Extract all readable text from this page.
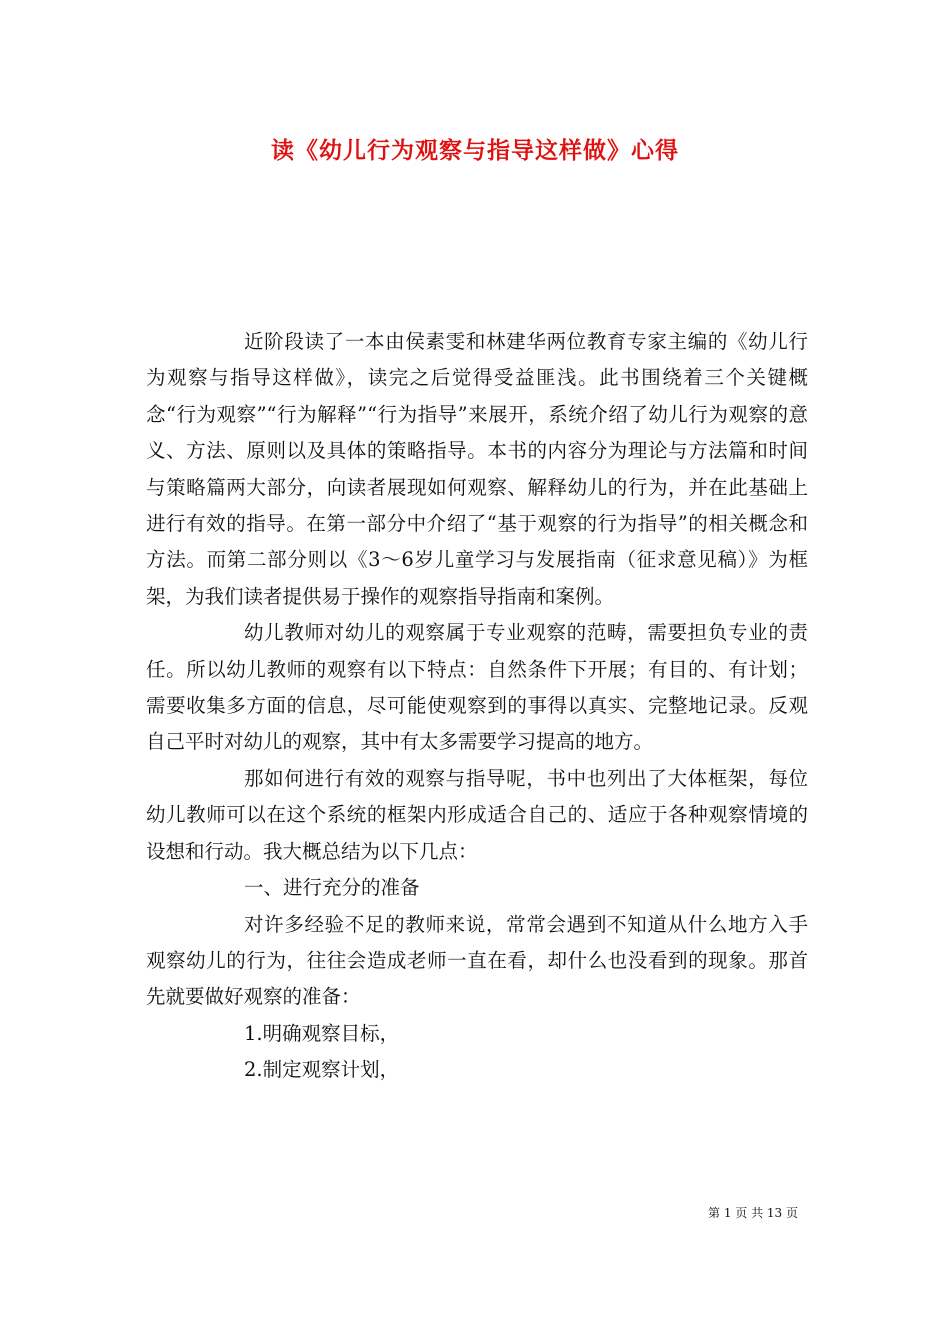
读《幼儿行为观察与指导这样做》心得

近阶段读了一本由侯素雯和林建华两位教育专家主编的《幼儿行为观察与指导这样做》，读完之后觉得受益匪浅。此书围绕着三个关键概念“行为观察”“行为解释”“行为指导”来展开，系统介绍了幼儿行为观察的意义、方法、原则以及具体的策略指导。本书的内容分为理论与方法篇和时间与策略篇两大部分，向读者展现如何观察、解释幼儿的行为，并在此基础上进行有效的指导。在第一部分中介绍了“基于观察的行为指导”的相关概念和方法。而第二部分则以《3～6岁儿童学习与发展指南（征求意见稿）》为框架，为我们读者提供易于操作的观察指导指南和案例。

幼儿教师对幼儿的观察属于专业观察的范畴，需要担负专业的责任。所以幼儿教师的观察有以下特点：自然条件下开展；有目的、有计划；需要收集多方面的信息，尽可能使观察到的事得以真实、完整地记录。反观自己平时对幼儿的观察，其中有太多需要学习提高的地方。

那如何进行有效的观察与指导呢，书中也列出了大体框架，每位幼儿教师可以在这个系统的框架内形成适合自己的、适应于各种观察情境的设想和行动。我大概总结为以下几点：

一、进行充分的准备

对许多经验不足的教师来说，常常会遇到不知道从什么地方入手观察幼儿的行为，往往会造成老师一直在看，却什么也没看到的现象。那首先就要做好观察的准备：

1.明确观察目标，

2.制定观察计划，

第 1 页 共 13 页
